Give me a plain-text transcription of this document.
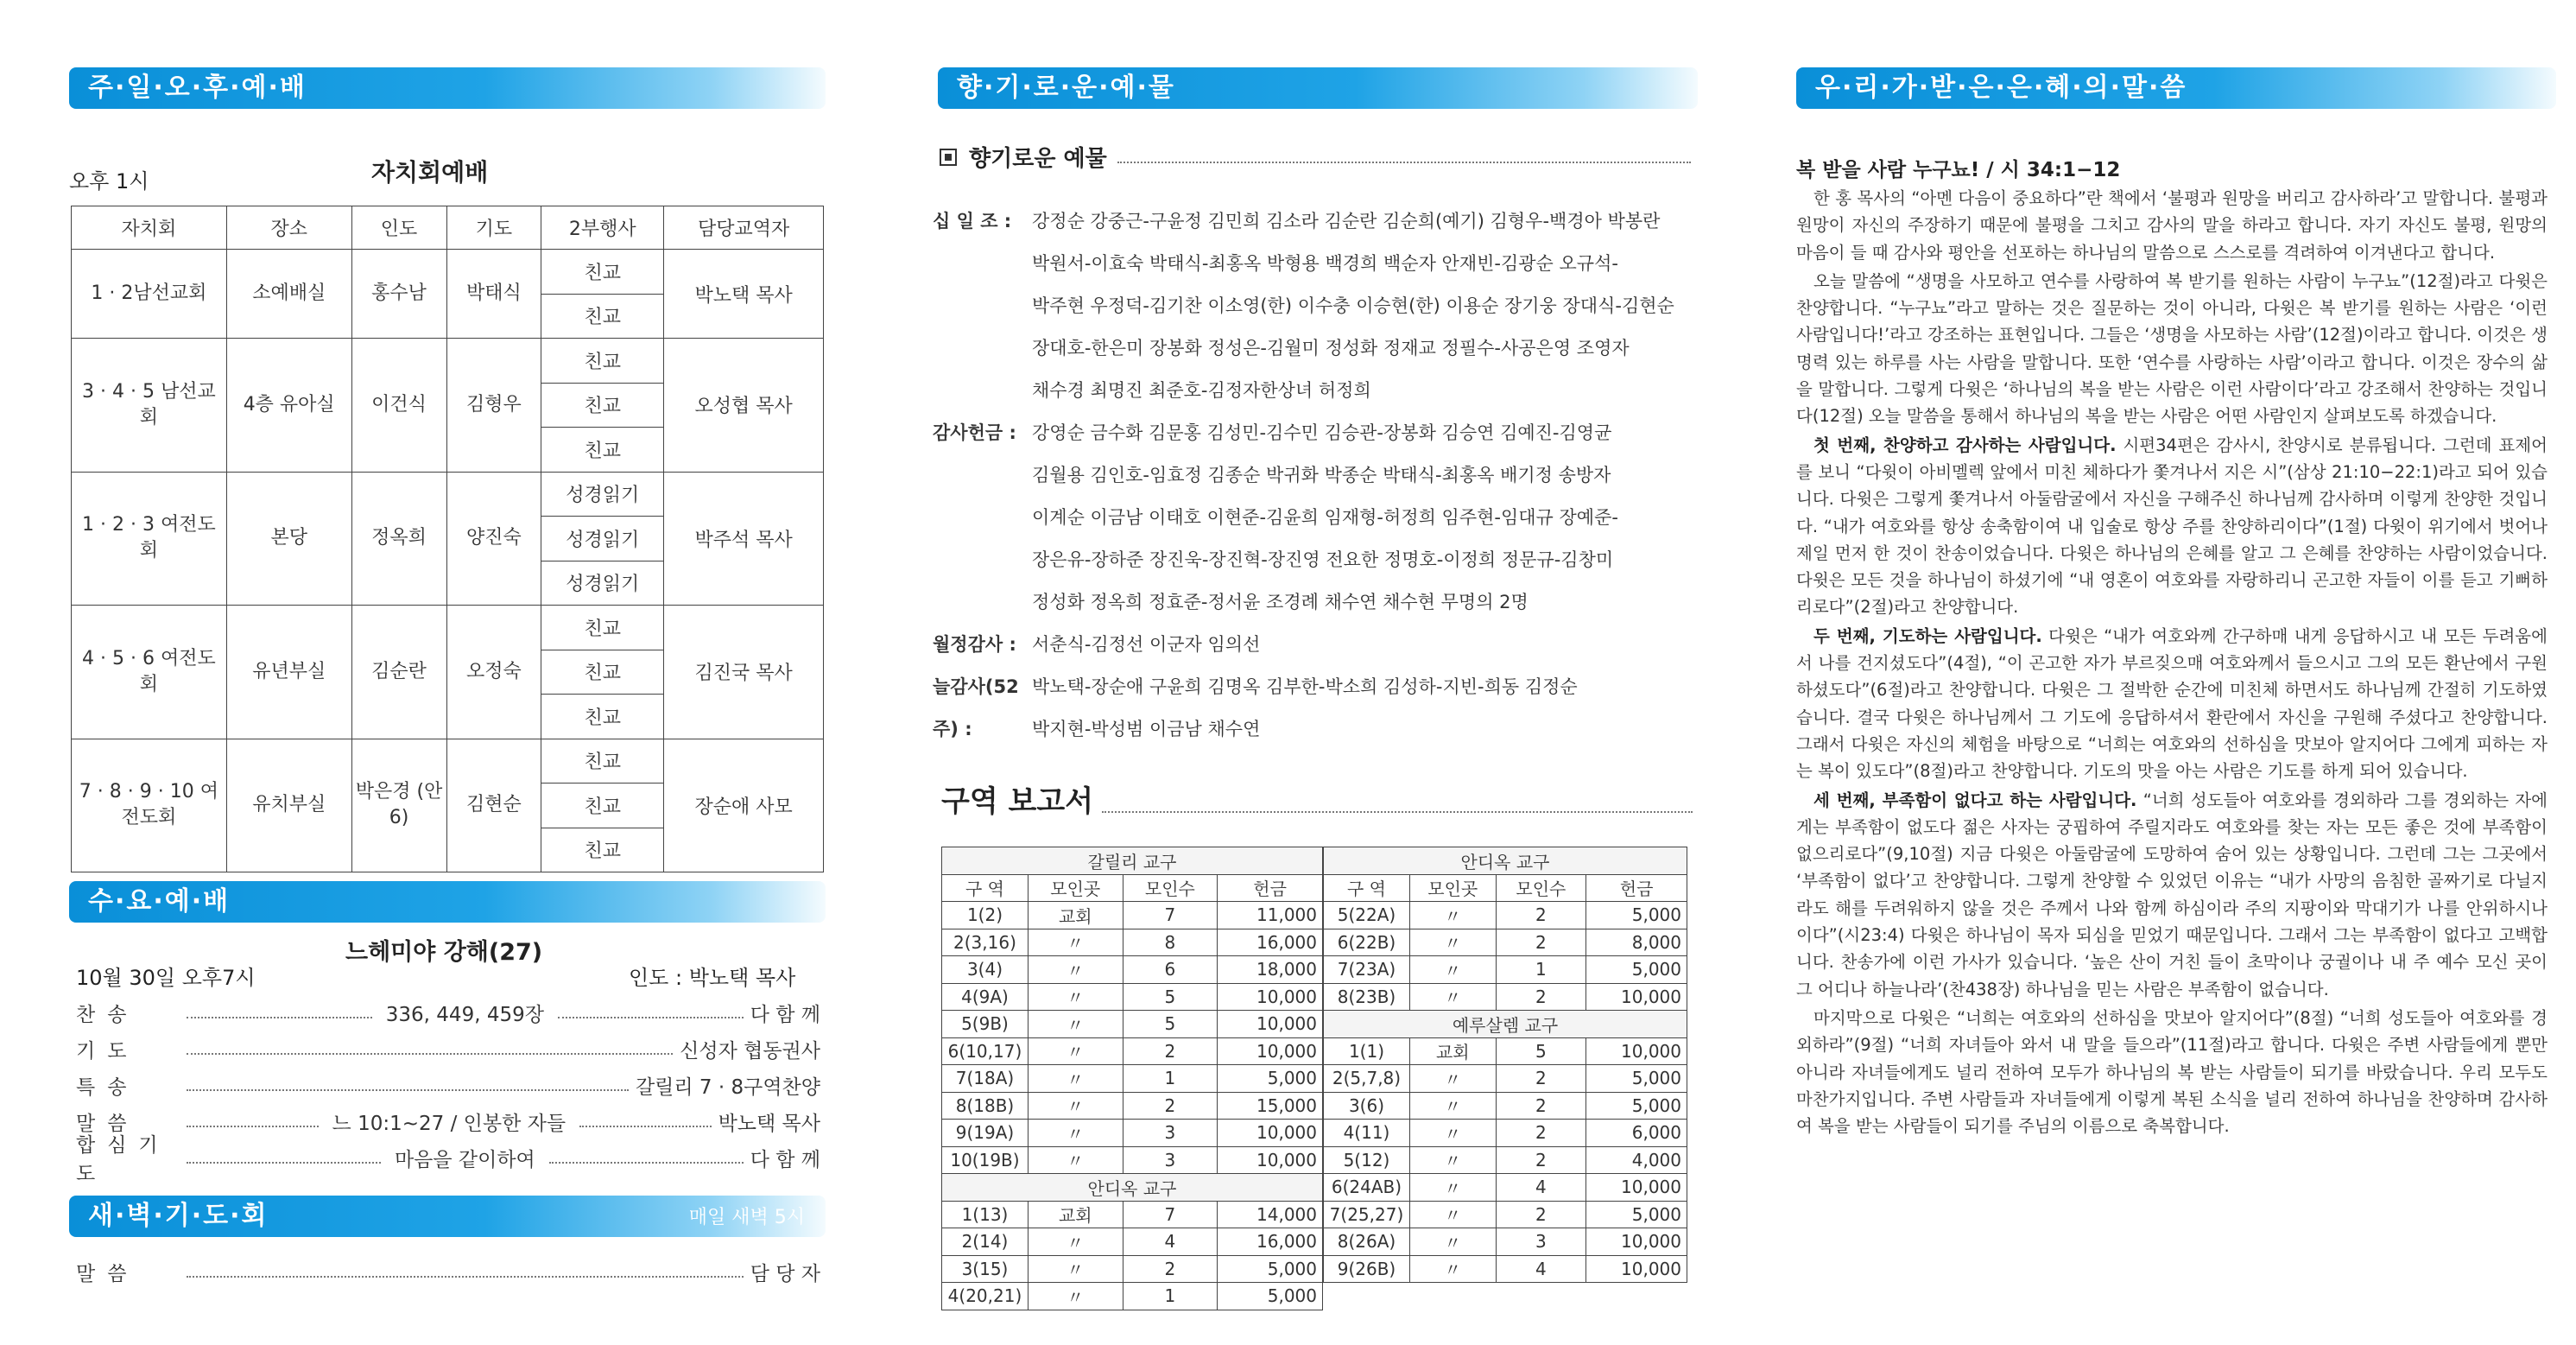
주·일·오·후·예·배
오후 1시	자치회예배
자치회	장소	인도	기도	2부행사	담당교역자
1 · 2남선교회	소예배실	홍수남	박태식	친교	박노택 목사
				친교	
3 · 4 · 5 남선교회	4층 유아실	이건식	김형우	친교	오성협 목사
				친교	
				친교	
1 · 2 · 3 여전도회	본당	정옥희	양진숙	성경읽기	박주석 목사
				성경읽기	
				성경읽기	
4 · 5 · 6 여전도회	유년부실	김순란	오정숙	친교	김진국 목사
				친교	
				친교	
7 · 8 · 9 · 10 여전도회	유치부실	박은경 (안6)	김현순	친교	장순애 사모
				친교	
				친교	
수·요·예·배
느헤미야 강해(27)
10월 30일 오후7시	인도 : 박노택 목사
찬송	336, 449, 459장	다 함 께
기도	신성자 협동권사
특송	갈릴리 7 · 8구역찬양
말씀	느 10:1~27 / 인봉한 자들	박노택 목사
합심기도
마음을 같이하여	다 함 께
새·벽·기·도·회	매일 새벽 5시
말씀	담 당 자
향·기·로·운·예·물
향기로운 예물
십 일 조 :	강정순 강중근-구윤정 김민희 김소라 김순란 김순희(예기) 김형우-백경아 박봉란
박원서-이효숙 박태식-최홍옥 박형용 백경희 백순자 안재빈-김광순 오규석-
박주현 우정덕-김기찬 이소영(한) 이수충 이승현(한) 이용순 장기웅 장대식-김현순
장대호-한은미 장봉화 정성은-김월미 정성화 정재교 정필수-사공은영 조영자
채수경 최명진 최준호-김정자한상녀 허정희
감사헌금 : 강영순 금수화 김문홍 김성민-김수민 김승관-장봉화 김승연 김예진-김영균
김월용 김인호-임효정 김종순 박귀화 박종순 박태식-최홍옥 배기정 송방자
이계순 이금남 이태호 이현준-김윤희 임재형-허정희 임주현-임대규 장예준-
장은유-장하준 장진욱-장진혁-장진영 전요한 정명호-이정희 정문규-김창미
정성화 정옥희 정효준-정서윤 조경례 채수연 채수현 무명의 2명
월정감사 : 서춘식-김정선 이군자 임의선
늘감사(52주) :
박노택-장순애 구윤희 김명옥 김부한-박소희 김성하-지빈-희동 김정순
박지현-박성범 이금남 채수연
구역 보고서
갈릴리 교구			
구 역	모인곳	모인수	헌금
1(2)	교회	7	11,000
2(3,16)	〃	8	16,000
3(4)	〃	6	18,000
4(9A)	〃	5	10,000
5(9B)	〃	5	10,000
6(10,17)	〃	2	10,000
7(18A)	〃	1	5,000
8(18B)	〃	2	15,000
9(19A)	〃	3	10,000
10(19B)	〃	3	10,000
안디옥 교구			
1(13)	교회	7	14,000
2(14)	〃	4	16,000
3(15)	〃	2	5,000
4(20,21)	〃	1	5,000
안디옥 교구			
구 역	모인곳	모인수	헌금
5(22A)	〃	2	5,000
6(22B)	〃	2	8,000
7(23A)	〃	1	5,000
8(23B)	〃	2	10,000
예루살렘 교구			
1(1)	교회	5	10,000
2(5,7,8)	〃	2	5,000
3(6)	〃	2	5,000
4(11)	〃	2	6,000
5(12)	〃	2	4,000
6(24AB)	〃	4	10,000
7(25,27)	〃	2	5,000
8(26A)	〃	3	10,000
9(26B)	〃	4	10,000
우·리·가·받·은·은·혜·의·말·씀
복 받을 사람 누구뇨! / 시 34:1−12

한 홍 목사의 “아멘 다음이 중요하다”란 책에서 ‘불평과 원망을 버리고 감사하라’고 말합니다. 불평과 원망이 자신의 주장하기 때문에 불평을 그치고 감사의 말을 하라고 합니다. 자기 자신도 불평, 원망의 마음이 들 때 감사와 평안을 선포하는 하나님의 말씀으로 스스로를 격려하여 이겨낸다고 합니다.

오늘 말씀에 “생명을 사모하고 연수를 사랑하여 복 받기를 원하는 사람이 누구뇨”(12절)라고 다윗은 찬양합니다. “누구뇨”라고 말하는 것은 질문하는 것이 아니라, 다윗은 복 받기를 원하는 사람은 ‘이런 사람입니다!’라고 강조하는 표현입니다. 그들은 ‘생명을 사모하는 사람’(12절)이라고 합니다. 이것은 생명력 있는 하루를 사는 사람을 말합니다. 또한 ‘연수를 사랑하는 사람’이라고 합니다. 이것은 장수의 삶을 말합니다. 그렇게 다윗은 ‘하나님의 복을 받는 사람은 이런 사람이다’라고 강조해서 찬양하는 것입니다(12절) 오늘 말씀을 통해서 하나님의 복을 받는 사람은 어떤 사람인지 살펴보도록 하겠습니다.

첫 번째, 찬양하고 감사하는 사람입니다. 시편34편은 감사시, 찬양시로 분류됩니다. 그런데 표제어를 보니 “다윗이 아비멜렉 앞에서 미친 체하다가 쫓겨나서 지은 시”(삼상 21:10−22:1)라고 되어 있습니다. 다윗은 그렇게 쫓겨나서 아둘람굴에서 자신을 구해주신 하나님께 감사하며 이렇게 찬양한 것입니다. “내가 여호와를 항상 송축함이여 내 입술로 항상 주를 찬양하리이다”(1절) 다윗이 위기에서 벗어나 제일 먼저 한 것이 찬송이었습니다. 다윗은 하나님의 은혜를 알고 그 은혜를 찬양하는 사람이었습니다. 다윗은 모든 것을 하나님이 하셨기에 “내 영혼이 여호와를 자랑하리니 곤고한 자들이 이를 듣고 기뻐하리로다”(2절)라고 찬양합니다.

두 번째, 기도하는 사람입니다. 다윗은 “내가 여호와께 간구하매 내게 응답하시고 내 모든 두려움에서 나를 건지셨도다”(4절), “이 곤고한 자가 부르짖으매 여호와께서 들으시고 그의 모든 환난에서 구원하셨도다”(6절)라고 찬양합니다. 다윗은 그 절박한 순간에 미친체 하면서도 하나님께 간절히 기도하였습니다. 결국 다윗은 하나님께서 그 기도에 응답하셔서 환란에서 자신을 구원해 주셨다고 찬양합니다. 그래서 다윗은 자신의 체험을 바탕으로 “너희는 여호와의 선하심을 맛보아 알지어다 그에게 피하는 자는 복이 있도다”(8절)라고 찬양합니다. 기도의 맛을 아는 사람은 기도를 하게 되어 있습니다.

세 번째, 부족함이 없다고 하는 사람입니다. “너희 성도들아 여호와를 경외하라 그를 경외하는 자에게는 부족함이 없도다 젊은 사자는 궁핍하여 주릴지라도 여호와를 찾는 자는 모든 좋은 것에 부족함이 없으리로다”(9,10절) 지금 다윗은 아둘람굴에 도망하여 숨어 있는 상황입니다. 그런데 그는 그곳에서 ‘부족함이 없다’고 찬양합니다. 그렇게 찬양할 수 있었던 이유는 “내가 사망의 음침한 골짜기로 다닐지라도 해를 두려워하지 않을 것은 주께서 나와 함께 하심이라 주의 지팡이와 막대기가 나를 안위하시나이다”(시23:4) 다윗은 하나님이 목자 되심을 믿었기 때문입니다. 그래서 그는 부족함이 없다고 고백합니다. 찬송가에 이런 가사가 있습니다. ‘높은 산이 거친 들이 초막이나 궁궐이나 내 주 예수 모신 곳이 그 어디나 하늘나라’(찬438장) 하나님을 믿는 사람은 부족함이 없습니다.

마지막으로 다윗은 “너희는 여호와의 선하심을 맛보아 알지어다”(8절) “너희 성도들아 여호와를 경외하라”(9절) “너희 자녀들아 와서 내 말을 들으라”(11절)라고 합니다. 다윗은 주변 사람들에게 뿐만 아니라 자녀들에게도 널리 전하여 모두가 하나님의 복 받는 사람들이 되기를 바랐습니다. 우리 모두도 마찬가지입니다. 주변 사람들과 자녀들에게 이렇게 복된 소식을 널리 전하여 하나님을 찬양하며 감사하여 복을 받는 사람들이 되기를 주님의 이름으로 축복합니다.
